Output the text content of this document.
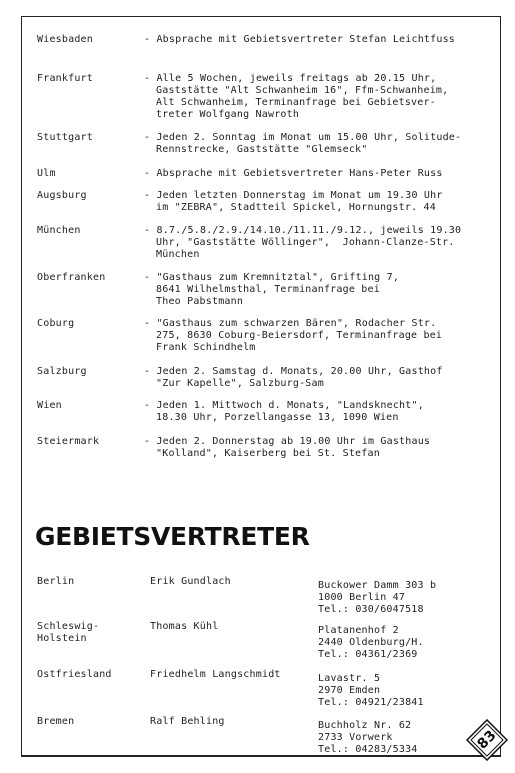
Wiesbaden	- Absprache mit Gebietsvertreter Stefan Leichtfuss
Frankfurt	- Alle 5 Wochen, jeweils freitags ab 20.15 Uhr,
Gaststätte "Alt Schwanheim 16", Ffm-Schwanheim,
Alt Schwanheim, Terminanfrage bei Gebietsver-
treter Wolfgang Nawroth
Stuttgart	- Jeden 2. Sonntag im Monat um 15.00 Uhr, Solitude-
Rennstrecke, Gaststätte "Glemseck"
Ulm	- Absprache mit Gebietsvertreter Hans-Peter Russ
Augsburg	- Jeden letzten Donnerstag im Monat um 19.30 Uhr
im "ZEBRA", Stadtteil Spickel, Hornungstr. 44
München	- 8.7./5.8./2.9./14.10./11.11./9.12., jeweils 19.30
Uhr, "Gaststätte Wöllinger",  Johann-Clanze-Str.
München
Oberfranken	- "Gasthaus zum Kremnitztal", Grifting 7,
8641 Wilhelmsthal, Terminanfrage bei
Theo Pabstmann
Coburg	- "Gasthaus zum schwarzen Bären", Rodacher Str.
275, 8630 Coburg-Beiersdorf, Terminanfrage bei
Frank Schindhelm
Salzburg	- Jeden 2. Samstag d. Monats, 20.00 Uhr, Gasthof
"Zur Kapelle", Salzburg-Sam
Wien	- Jeden 1. Mittwoch d. Monats, "Landsknecht",
18.30 Uhr, Porzellangasse 13, 1090 Wien
Steiermark	- Jeden 2. Donnerstag ab 19.00 Uhr im Gasthaus
"Kolland", Kaiserberg bei St. Stefan
Berlin	Erik Gundlach	Buckower Damm 303 b
1000 Berlin 47
Tel.: 030/6047518
Schleswig-
Holstein
Thomas Kühl	Platanenhof 2
2440 Oldenburg/H.
Tel.: 04361/2369
Ostfriesland	Friedhelm Langschmidt	Lavastr. 5
2970 Emden
Tel.: 04921/23841
Bremen	Ralf Behling	Buchholz Nr. 62
2733 Vorwerk
Tel.: 04283/5334
GEBIETSVERTRETER
83
